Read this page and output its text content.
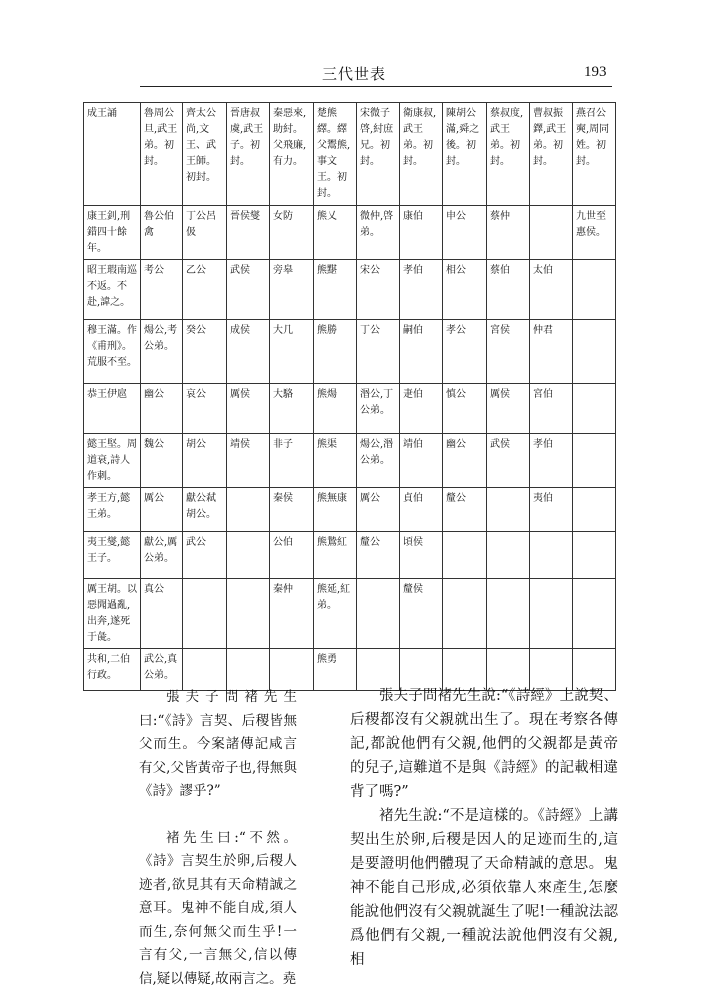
三代世表	193
成王誦	魯周公旦,武王弟。初封。	齊太公尚,文王、武王師。初封。	晉唐叔虞,武王子。初封。	秦惡來,助紂。父飛廉,有力。	楚熊繹。繹父鬻熊,事文王。初封。	宋微子啓,紂庶兄。初封。	衛康叔,武王弟。初封。	陳胡公滿,舜之後。初封。	蔡叔度,武王弟。初封。	曹叔振鐸,武王弟。初封。	燕召公奭,周同姓。初封。
康王釗,刑錯四十餘年。	魯公伯禽	丁公呂伋	晉侯燮	女防	熊乂	微仲,啓弟。	康伯	申公	蔡仲		九世至惠侯。
昭王瑕南巡不返。不赴,諱之。	考公	乙公	武侯	旁皋	熊黮	宋公	孝伯	相公	蔡伯	太伯	
穆王滿。作《甫刑》。荒服不至。	煬公,考公弟。	癸公	成侯	大几	熊勝	丁公	嗣伯	孝公	宮侯	仲君	
恭王伊扈	幽公	哀公	厲侯	大駱	熊煬	湣公,丁公弟。	疌伯	慎公	厲侯	宮伯	
懿王堅。周道衰,詩人作刺。	魏公	胡公	靖侯	非子	熊渠	煬公,湣公弟。	靖伯	幽公	武侯	孝伯	
孝王方,懿王弟。	厲公	獻公弒胡公。		秦侯	熊無康	厲公	貞伯	釐公		夷伯	
夷王燮,懿王子。	獻公,厲公弟。	武公		公伯	熊鷙紅	釐公	頃侯				
厲王胡。以惡聞過亂,出奔,遂死于彘。	真公			秦仲	熊延,紅弟。		釐侯				
共和,二伯行政。	武公,真公弟。				熊勇						

張夫子問褚先生曰:“《詩》言契、后稷皆無父而生。今案諸傳記咸言有父,父皆黃帝子也,得無與《詩》謬乎?”

褚先生曰:“不然。《詩》言契生於卵,后稷人迹者,欲見其有天命精誠之意耳。鬼神不能自成,須人而生,奈何無父而生乎!一言有父,一言無父,信以傳信,疑以傳疑,故兩言之。堯

張夫子問褚先生說:“《詩經》上說契、后稷都沒有父親就出生了。現在考察各傳記,都說他們有父親,他們的父親都是黃帝的兒子,這難道不是與《詩經》的記載相違背了嗎?”

褚先生說:“不是這樣的。《詩經》上講契出生於卵,后稷是因人的足迹而生的,這是要證明他們體現了天命精誠的意思。鬼神不能自己形成,必須依靠人來產生,怎麼能說他們沒有父親就誕生了呢!一種說法認爲他們有父親,一種說法說他們沒有父親,相
